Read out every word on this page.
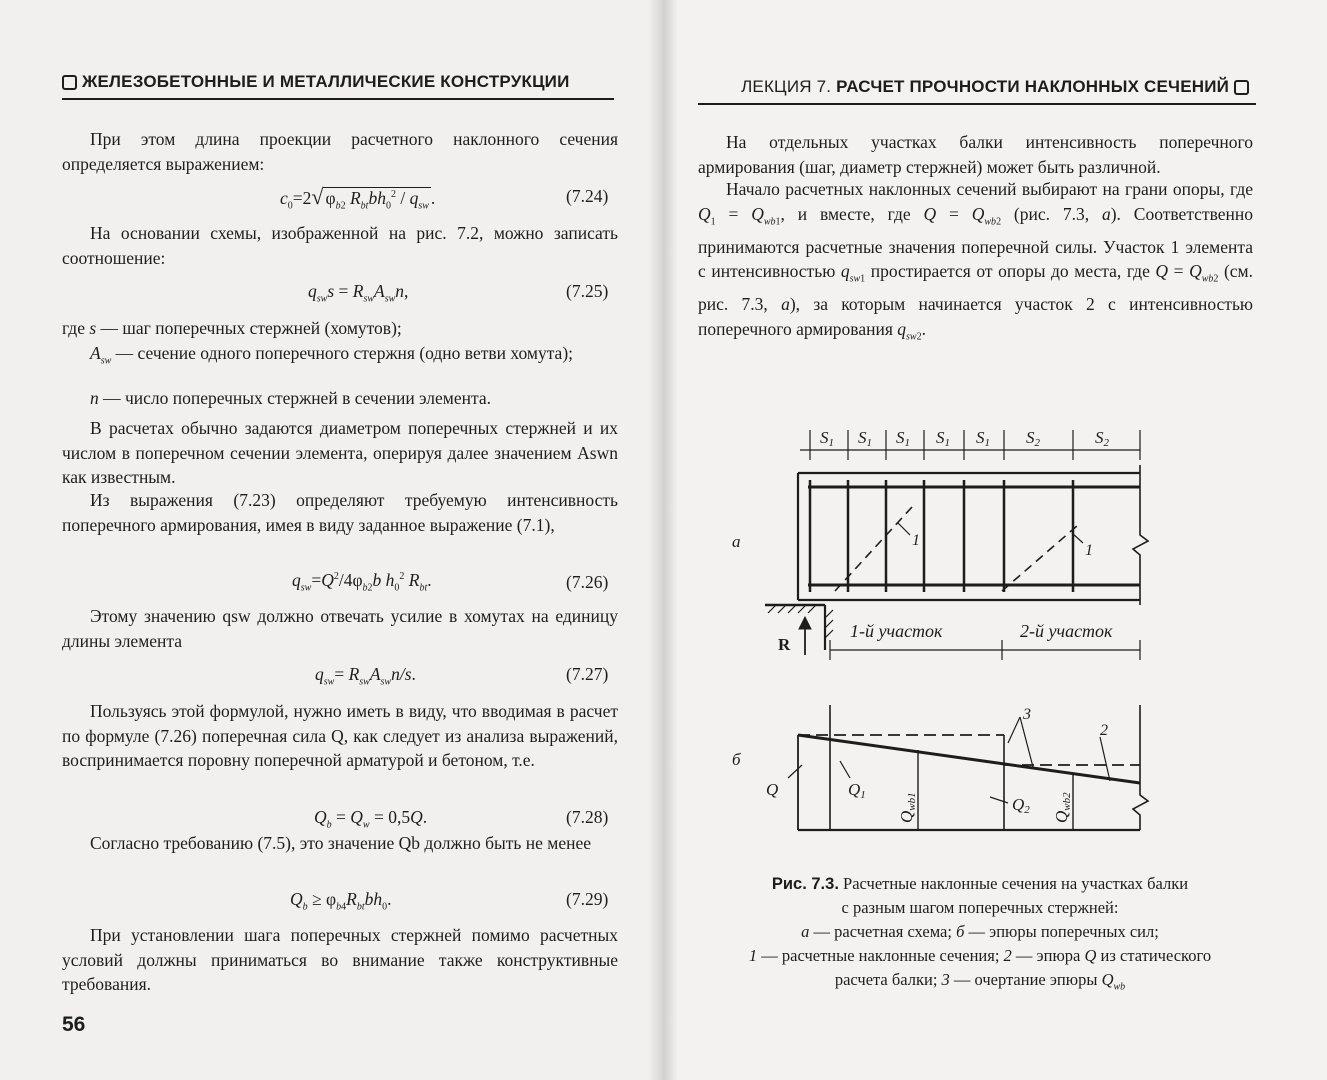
ЖЕЛЕЗОБЕТОННЫЕ И МЕТАЛЛИЧЕСКИЕ КОНСТРУКЦИИ

При этом длина проекции расчетного наклонного сечения определяется выражением:

$c_0=2√$ $\varphi_{b2}$ $R_{bt}bh_0^2 / q_{sw}$ .	(7.24)

На основании схемы, изображенной на рис. 7.2, можно записать соотношение:

$q_{sw}s = R_{sw}A_{sw}n$,	(7.25)

где s — шаг поперечных стержней (хомутов);

$A_{sw}$ — сечение одного поперечного стержня (одно ветви хомута);

n — число поперечных стержней в сечении элемента.

В расчетах обычно задаются диаметром поперечных стержней и их числом в поперечном сечении элемента, оперируя далее значением Aswn как известным.

Из выражения (7.23) определяют требуемую интенсивность поперечного армирования, имея в виду заданное выражение (7.1),

$q_{sw}=Q^2/4\varphi_{b2}b$ $h_0^2$ $R_{bt}$.	(7.26)

Этому значению qsw должно отвечать усилие в хомутах на единицу длины элемента

$q_{sw}= R_{sw}A_{sw}n/s$.	(7.27)

Пользуясь этой формулой, нужно иметь в виду, что вводимая в расчет по формуле (7.26) поперечная сила Q, как следует из анализа выражений, воспринимается поровну поперечной арматурой и бетоном, т.е.

$Q_b = Q_w = 0,5Q$.	(7.28)

Согласно требованию (7.5), это значение Qb должно быть не менее

$Q_b \ge \varphi_{b4}R_{bt}bh_0$.	(7.29)

При установлении шага поперечных стержней помимо расчетных условий должны приниматься во внимание также конструктивные требования.

56
ЛЕКЦИЯ 7. РАСЧЕТ ПРОЧНОСТИ НАКЛОННЫХ СЕЧЕНИЙ

На отдельных участках балки интенсивность поперечного армирования (шаг, диаметр стержней) может быть различной.

Начало расчетных наклонных сечений выбирают на грани опоры, где $Q_1 = Q_{wb1}$, и вместе, где $Q = Q_{wb2}$ (рис. 7.3, а). Соответственно принимаются расчетные значения поперечной силы. Участок 1 элемента с интенсивностью $q_{sw1}$ простирается от опоры до места, где $Q = Q_{wb2}$ (см. рис. 7.3, а), за которым начинается участок 2 с интенсивностью поперечного армирования $q_{sw2}$.

S1 S1 S1 S1 S1 S2	S2
а	1
1
R
1-й участок	2-й участок
б
3
2
Q	Q1	Q2
Qwb1
Qwb2
Рис. 7.3. Расчетные наклонные сечения на участках балки
с разным шагом поперечных стержней:
а — расчетная схема; б — эпюры поперечных сил;
1 — расчетные наклонные сечения; 2 — эпюра Q из статического
расчета балки; 3 — очертание эпюры $Q_{wb}$
